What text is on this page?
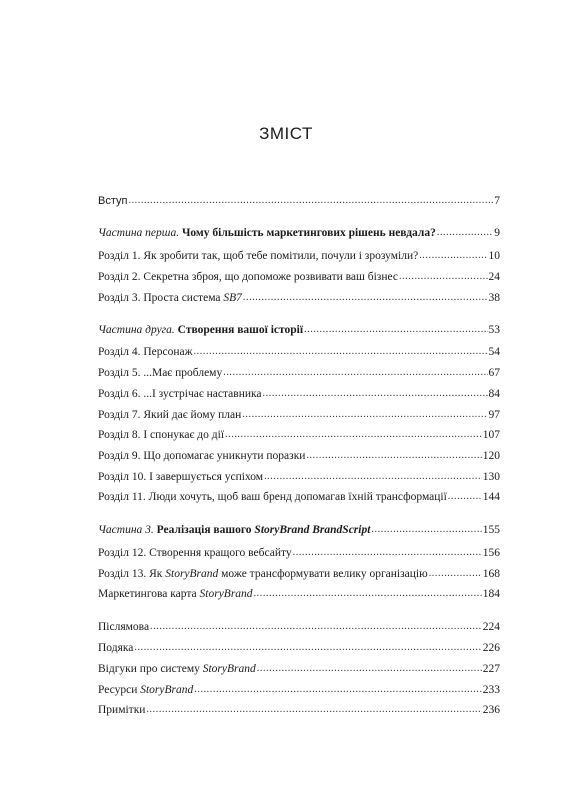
ЗМІСТ
Вступ .....	7
Частина перша. Чому більшість маркетингових рішень невдала? .....	9
Розділ 1. Як зробити так, щоб тебе помітили, почули і зрозуміли? .....	10
Розділ 2. Секретна зброя, що допоможе розвивати ваш бізнес .....	24
Розділ 3. Проста система SB7 .....	38
Частина друга. Створення вашої історії .....	53
Розділ 4. Персонаж .....	54
Розділ 5. ...Має проблему .....	67
Розділ 6. ...І зустрічає наставника .....	84
Розділ 7. Який дає йому план .....	97
Розділ 8. І спонукає до дії .....	107
Розділ 9. Що допомагає уникнути поразки .....	120
Розділ 10. І завершується успіхом .....	130
Розділ 11. Люди хочуть, щоб ваш бренд допомагав їхній трансформації .....	144
Частина 3. Реалізація вашого StoryBrand BrandScript .....	155
Розділ 12. Створення кращого вебсайту .....	156
Розділ 13. Як StoryBrand може трансформувати велику організацію .....	168
Маркетингова карта StoryBrand .....	184
Післямова .....	224
Подяка .....	226
Відгуки про систему StoryBrand .....	227
Ресурси StoryBrand .....	233
Примітки .....	236
